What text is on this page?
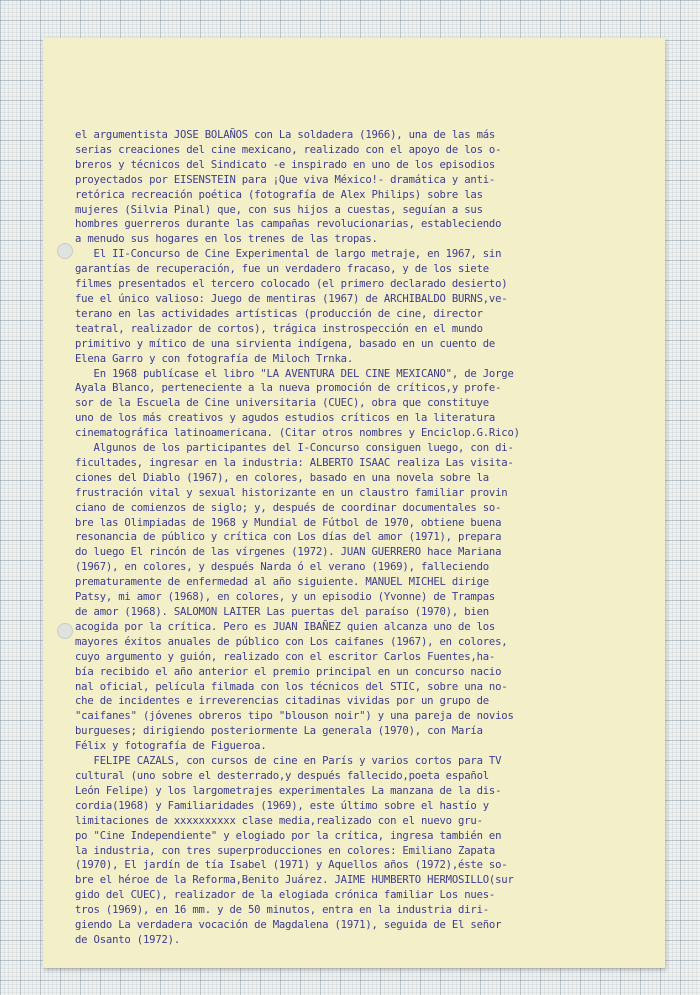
el argumentista JOSE BOLAÑOS con La soldadera (1966), una de las más
serias creaciones del cine mexicano, realizado con el apoyo de los o-
breros y técnicos del Sindicato -e inspirado en uno de los episodios
proyectados por EISENSTEIN para ¡Que viva México!- dramática y anti-
retórica recreación poética (fotografía de Alex Philips) sobre las
mujeres (Silvia Pinal) que, con sus hijos a cuestas, seguían a sus
hombres guerreros durante las campañas revolucionarias, estableciendo
a menudo sus hogares en los trenes de las tropas.
El II-Concurso de Cine Experimental de largo metraje, en 1967, sin
garantías de recuperación, fue un verdadero fracaso, y de los siete
filmes presentados el tercero colocado (el primero declarado desierto)
fue el único valioso: Juego de mentiras (1967) de ARCHIBALDO BURNS,ve-
terano en las actividades artísticas (producción de cine, director
teatral, realizador de cortos), trágica instrospección en el mundo
primitivo y mítico de una sirvienta indígena, basado en un cuento de
Elena Garro y con fotografía de Miloch Trnka.
En 1968 publícase el libro "LA AVENTURA DEL CINE MEXICANO", de Jorge
Ayala Blanco, perteneciente a la nueva promoción de críticos,y profe-
sor de la Escuela de Cine universitaria (CUEC), obra que constituye
uno de los más creativos y agudos estudios críticos en la literatura
cinematográfica latinoamericana. (Citar otros nombres y Enciclop.G.Rico)
Algunos de los participantes del I-Concurso consiguen luego, con di-
ficultades, ingresar en la industria: ALBERTO ISAAC realiza Las visita-
ciones del Diablo (1967), en colores, basado en una novela sobre la
frustración vital y sexual historizante en un claustro familiar provin
ciano de comienzos de siglo; y, después de coordinar documentales so-
bre las Olimpiadas de 1968 y Mundial de Fútbol de 1970, obtiene buena
resonancia de público y crítica con Los días del amor (1971), prepara
do luego El rincón de las vírgenes (1972). JUAN GUERRERO hace Mariana
(1967), en colores, y después Narda ó el verano (1969), falleciendo
prematuramente de enfermedad al año siguiente. MANUEL MICHEL dirige
Patsy, mi amor (1968), en colores, y un episodio (Yvonne) de Trampas
de amor (1968). SALOMON LAITER Las puertas del paraíso (1970), bien
acogida por la crítica. Pero es JUAN IBAÑEZ quien alcanza uno de los
mayores éxitos anuales de público con Los caifanes (1967), en colores,
cuyo argumento y guión, realizado con el escritor Carlos Fuentes,ha-
bía recibido el año anterior el premio principal en un concurso nacio
nal oficial, película filmada con los técnicos del STIC, sobre una no-
che de incidentes e irreverencias citadinas vividas por un grupo de
"caifanes" (jóvenes obreros tipo "blouson noir") y una pareja de novios
burgueses; dirigiendo posteriormente La generala (1970), con María
Félix y fotografía de Figueroa.
FELIPE CAZALS, con cursos de cine en París y varios cortos para TV
cultural (uno sobre el desterrado,y después fallecido,poeta español
León Felipe) y los largometrajes experimentales La manzana de la dis-
cordia(1968) y Familiaridades (1969), este último sobre el hastío y
limitaciones de xxxxxxxxxx clase media,realizado con el nuevo gru-
po "Cine Independiente" y elogiado por la crítica, ingresa también en
la industria, con tres superproducciones en colores: Emiliano Zapata
(1970), El jardín de tía Isabel (1971) y Aquellos años (1972),éste so-
bre el héroe de la Reforma,Benito Juárez. JAIME HUMBERTO HERMOSILLO(sur
gido del CUEC), realizador de la elogiada crónica familiar Los nues-
tros (1969), en 16 mm. y de 50 minutos, entra en la industria diri-
giendo La verdadera vocación de Magdalena (1971), seguida de El señor
de Osanto (1972).
